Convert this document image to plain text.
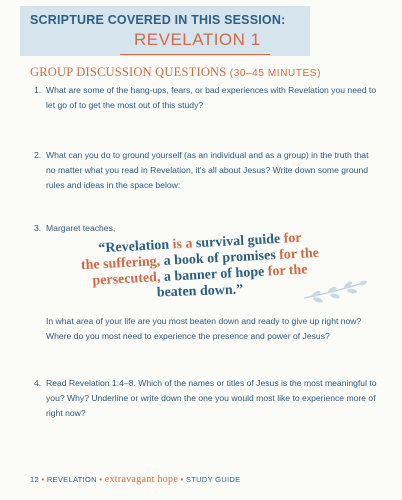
SCRIPTURE COVERED IN THIS SESSION:
REVELATION 1
GROUP DISCUSSION QUESTIONS (30–45 MINUTES)
1. What are some of the hang-ups, fears, or bad experiences with Revelation you need to let go of to get the most out of this study?
2. What can you do to ground yourself (as an individual and as a group) in the truth that no matter what you read in Revelation, it's all about Jesus? Write down some ground rules and ideas in the space below:
3. Margaret teaches,
“Revelation is a survival guide for
the suffering, a book of promises for the
persecuted, a banner of hope for the
beaten down.”
In what area of your life are you most beaten down and ready to give up right now? Where do you most need to experience the presence and power of Jesus?
4. Read Revelation 1:4–8. Which of the names or titles of Jesus is the most meaningful to you? Why? Underline or write down the one you would most like to experience more of right now?
12 • REVELATION • extravagant hope • STUDY GUIDE
